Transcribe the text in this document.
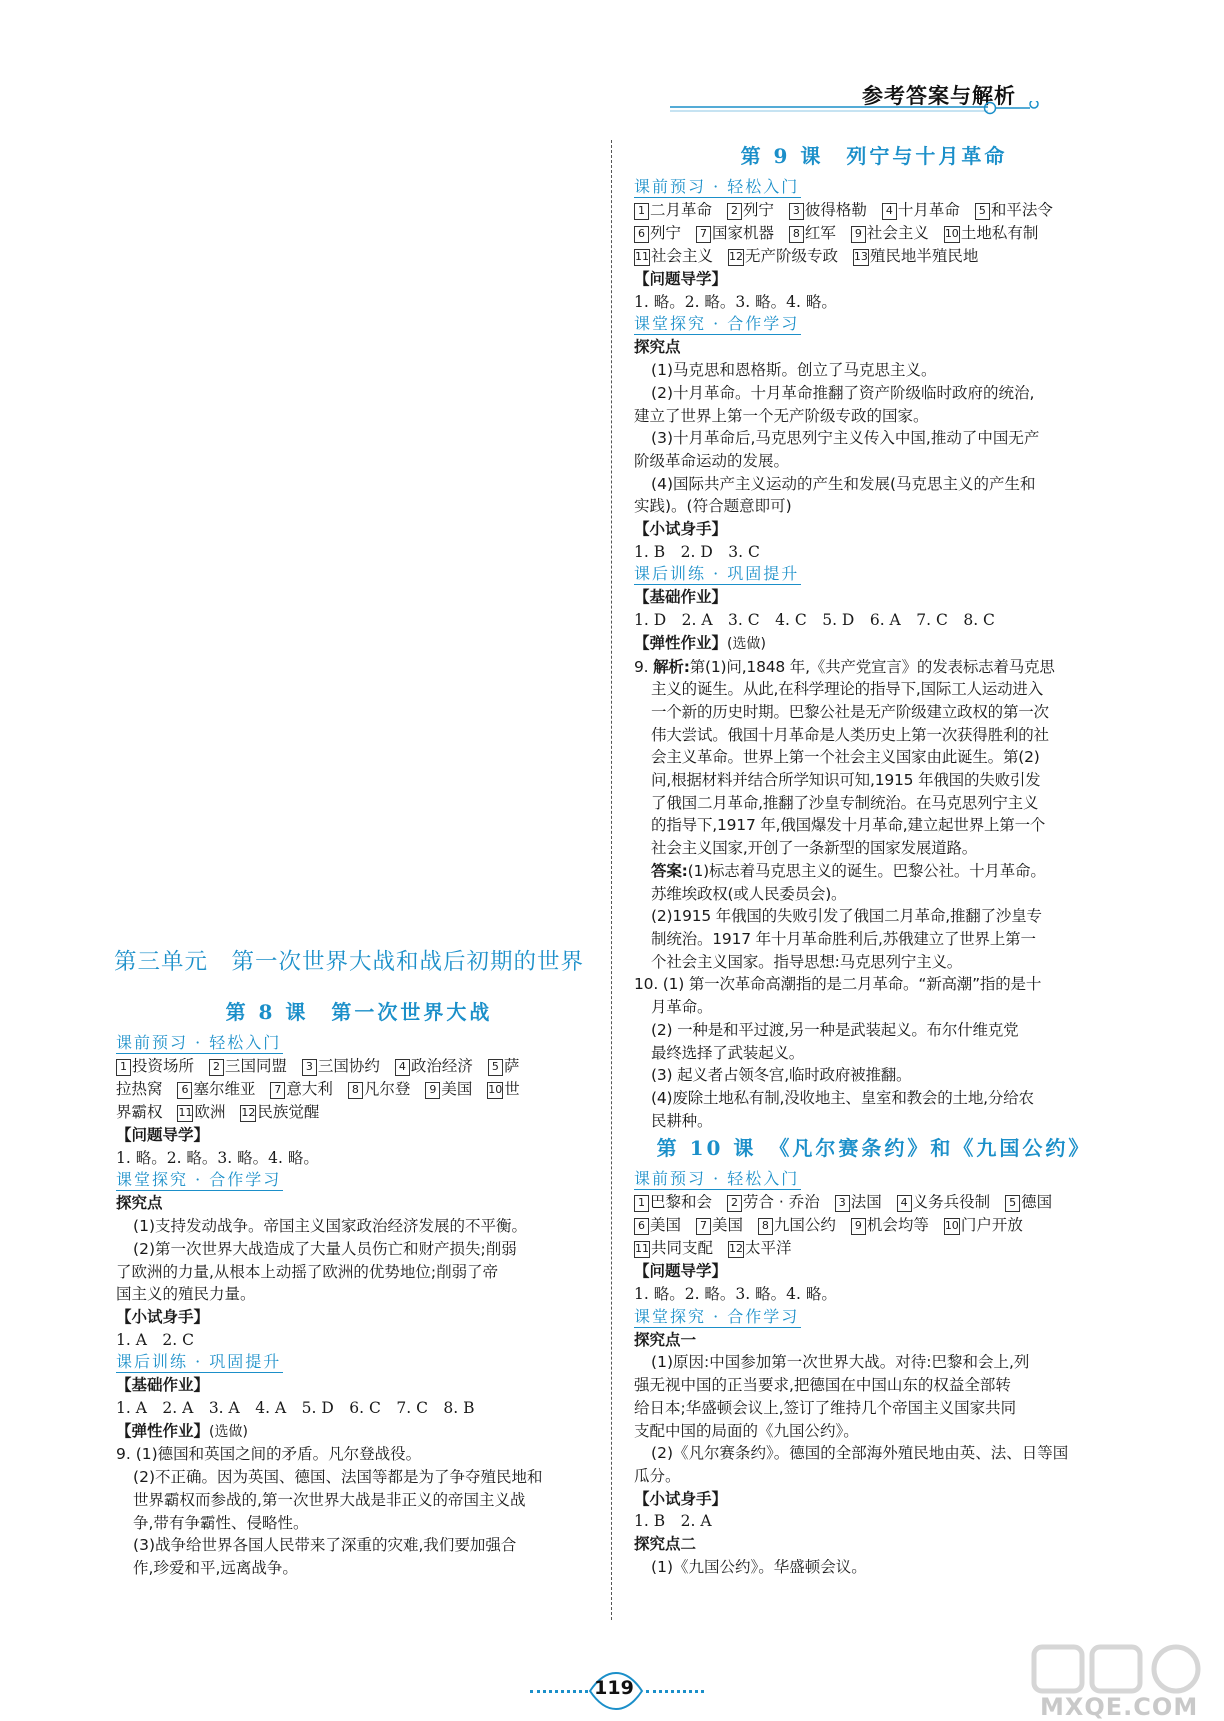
参考答案与解析
第三单元　第一次世界大战和战后初期的世界
第 8 课　第一次世界大战
课前预习 · 轻松入门
1 投资场所 2 三国同盟 3 三国协约 4 政治经济 5 萨
拉热窝 6 塞尔维亚 7 意大利 8 凡尔登 9 美国 10 世
界霸权 11 欧洲 12 民族觉醒
【问题导学】
1. 略。2. 略。3. 略。4. 略。
课堂探究 · 合作学习
探究点
(1)支持发动战争。帝国主义国家政治经济发展的不平衡。
(2)第一次世界大战造成了大量人员伤亡和财产损失;削弱
了欧洲的力量,从根本上动摇了欧洲的优势地位;削弱了帝
国主义的殖民力量。
【小试身手】
1. A　2. C
课后训练 · 巩固提升
【基础作业】
1. A　2. A　3. A　4. A　5. D　6. C　7. C　8. B
【弹性作业】(选做)
9. (1)德国和英国之间的矛盾。凡尔登战役。
(2)不正确。因为英国、德国、法国等都是为了争夺殖民地和
世界霸权而参战的,第一次世界大战是非正义的帝国主义战
争,带有争霸性、侵略性。
(3)战争给世界各国人民带来了深重的灾难,我们要加强合
作,珍爱和平,远离战争。
第 9 课　列宁与十月革命
课前预习 · 轻松入门
1 二月革命 2 列宁 3 彼得格勒 4 十月革命 5 和平法令
6 列宁 7 国家机器 8 红军 9 社会主义 10 土地私有制
11 社会主义 12 无产阶级专政 13 殖民地半殖民地
【问题导学】
1. 略。2. 略。3. 略。4. 略。
课堂探究 · 合作学习
探究点
(1)马克思和恩格斯。创立了马克思主义。
(2)十月革命。十月革命推翻了资产阶级临时政府的统治,
建立了世界上第一个无产阶级专政的国家。
(3)十月革命后,马克思列宁主义传入中国,推动了中国无产
阶级革命运动的发展。
(4)国际共产主义运动的产生和发展(马克思主义的产生和
实践)。(符合题意即可)
【小试身手】
1. B　2. D　3. C
课后训练 · 巩固提升
【基础作业】
1. D　2. A　3. C　4. C　5. D　6. A　7. C　8. C
【弹性作业】(选做)
9. 解析:第(1)问,1848 年,《共产党宣言》的发表标志着马克思
主义的诞生。从此,在科学理论的指导下,国际工人运动进入
一个新的历史时期。巴黎公社是无产阶级建立政权的第一次
伟大尝试。俄国十月革命是人类历史上第一次获得胜利的社
会主义革命。世界上第一个社会主义国家由此诞生。第(2)
问,根据材料并结合所学知识可知,1915 年俄国的失败引发
了俄国二月革命,推翻了沙皇专制统治。在马克思列宁主义
的指导下,1917 年,俄国爆发十月革命,建立起世界上第一个
社会主义国家,开创了一条新型的国家发展道路。
答案:(1)标志着马克思主义的诞生。巴黎公社。十月革命。
苏维埃政权(或人民委员会)。
(2)1915 年俄国的失败引发了俄国二月革命,推翻了沙皇专
制统治。1917 年十月革命胜利后,苏俄建立了世界上第一
个社会主义国家。指导思想:马克思列宁主义。
10. (1) 第一次革命高潮指的是二月革命。“新高潮”指的是十
月革命。
(2) 一种是和平过渡,另一种是武装起义。布尔什维克党
最终选择了武装起义。
(3) 起义者占领冬宫,临时政府被推翻。
(4)废除土地私有制,没收地主、皇室和教会的土地,分给农
民耕种。
第 10 课　《凡尔赛条约》和《九国公约》
课前预习 · 轻松入门
1 巴黎和会 2 劳合 · 乔治 3 法国 4 义务兵役制 5 德国
6 美国 7 美国 8 九国公约 9 机会均等 10 门户开放
11 共同支配 12 太平洋
【问题导学】
1. 略。2. 略。3. 略。4. 略。
课堂探究 · 合作学习
探究点一
(1)原因:中国参加第一次世界大战。对待:巴黎和会上,列
强无视中国的正当要求,把德国在中国山东的权益全部转
给日本;华盛顿会议上,签订了维持几个帝国主义国家共同
支配中国的局面的《九国公约》。
(2)《凡尔赛条约》。德国的全部海外殖民地由英、法、日等国
瓜分。
【小试身手】
1. B　2. A
探究点二
(1)《九国公约》。华盛顿会议。
119
MXQE.COM
